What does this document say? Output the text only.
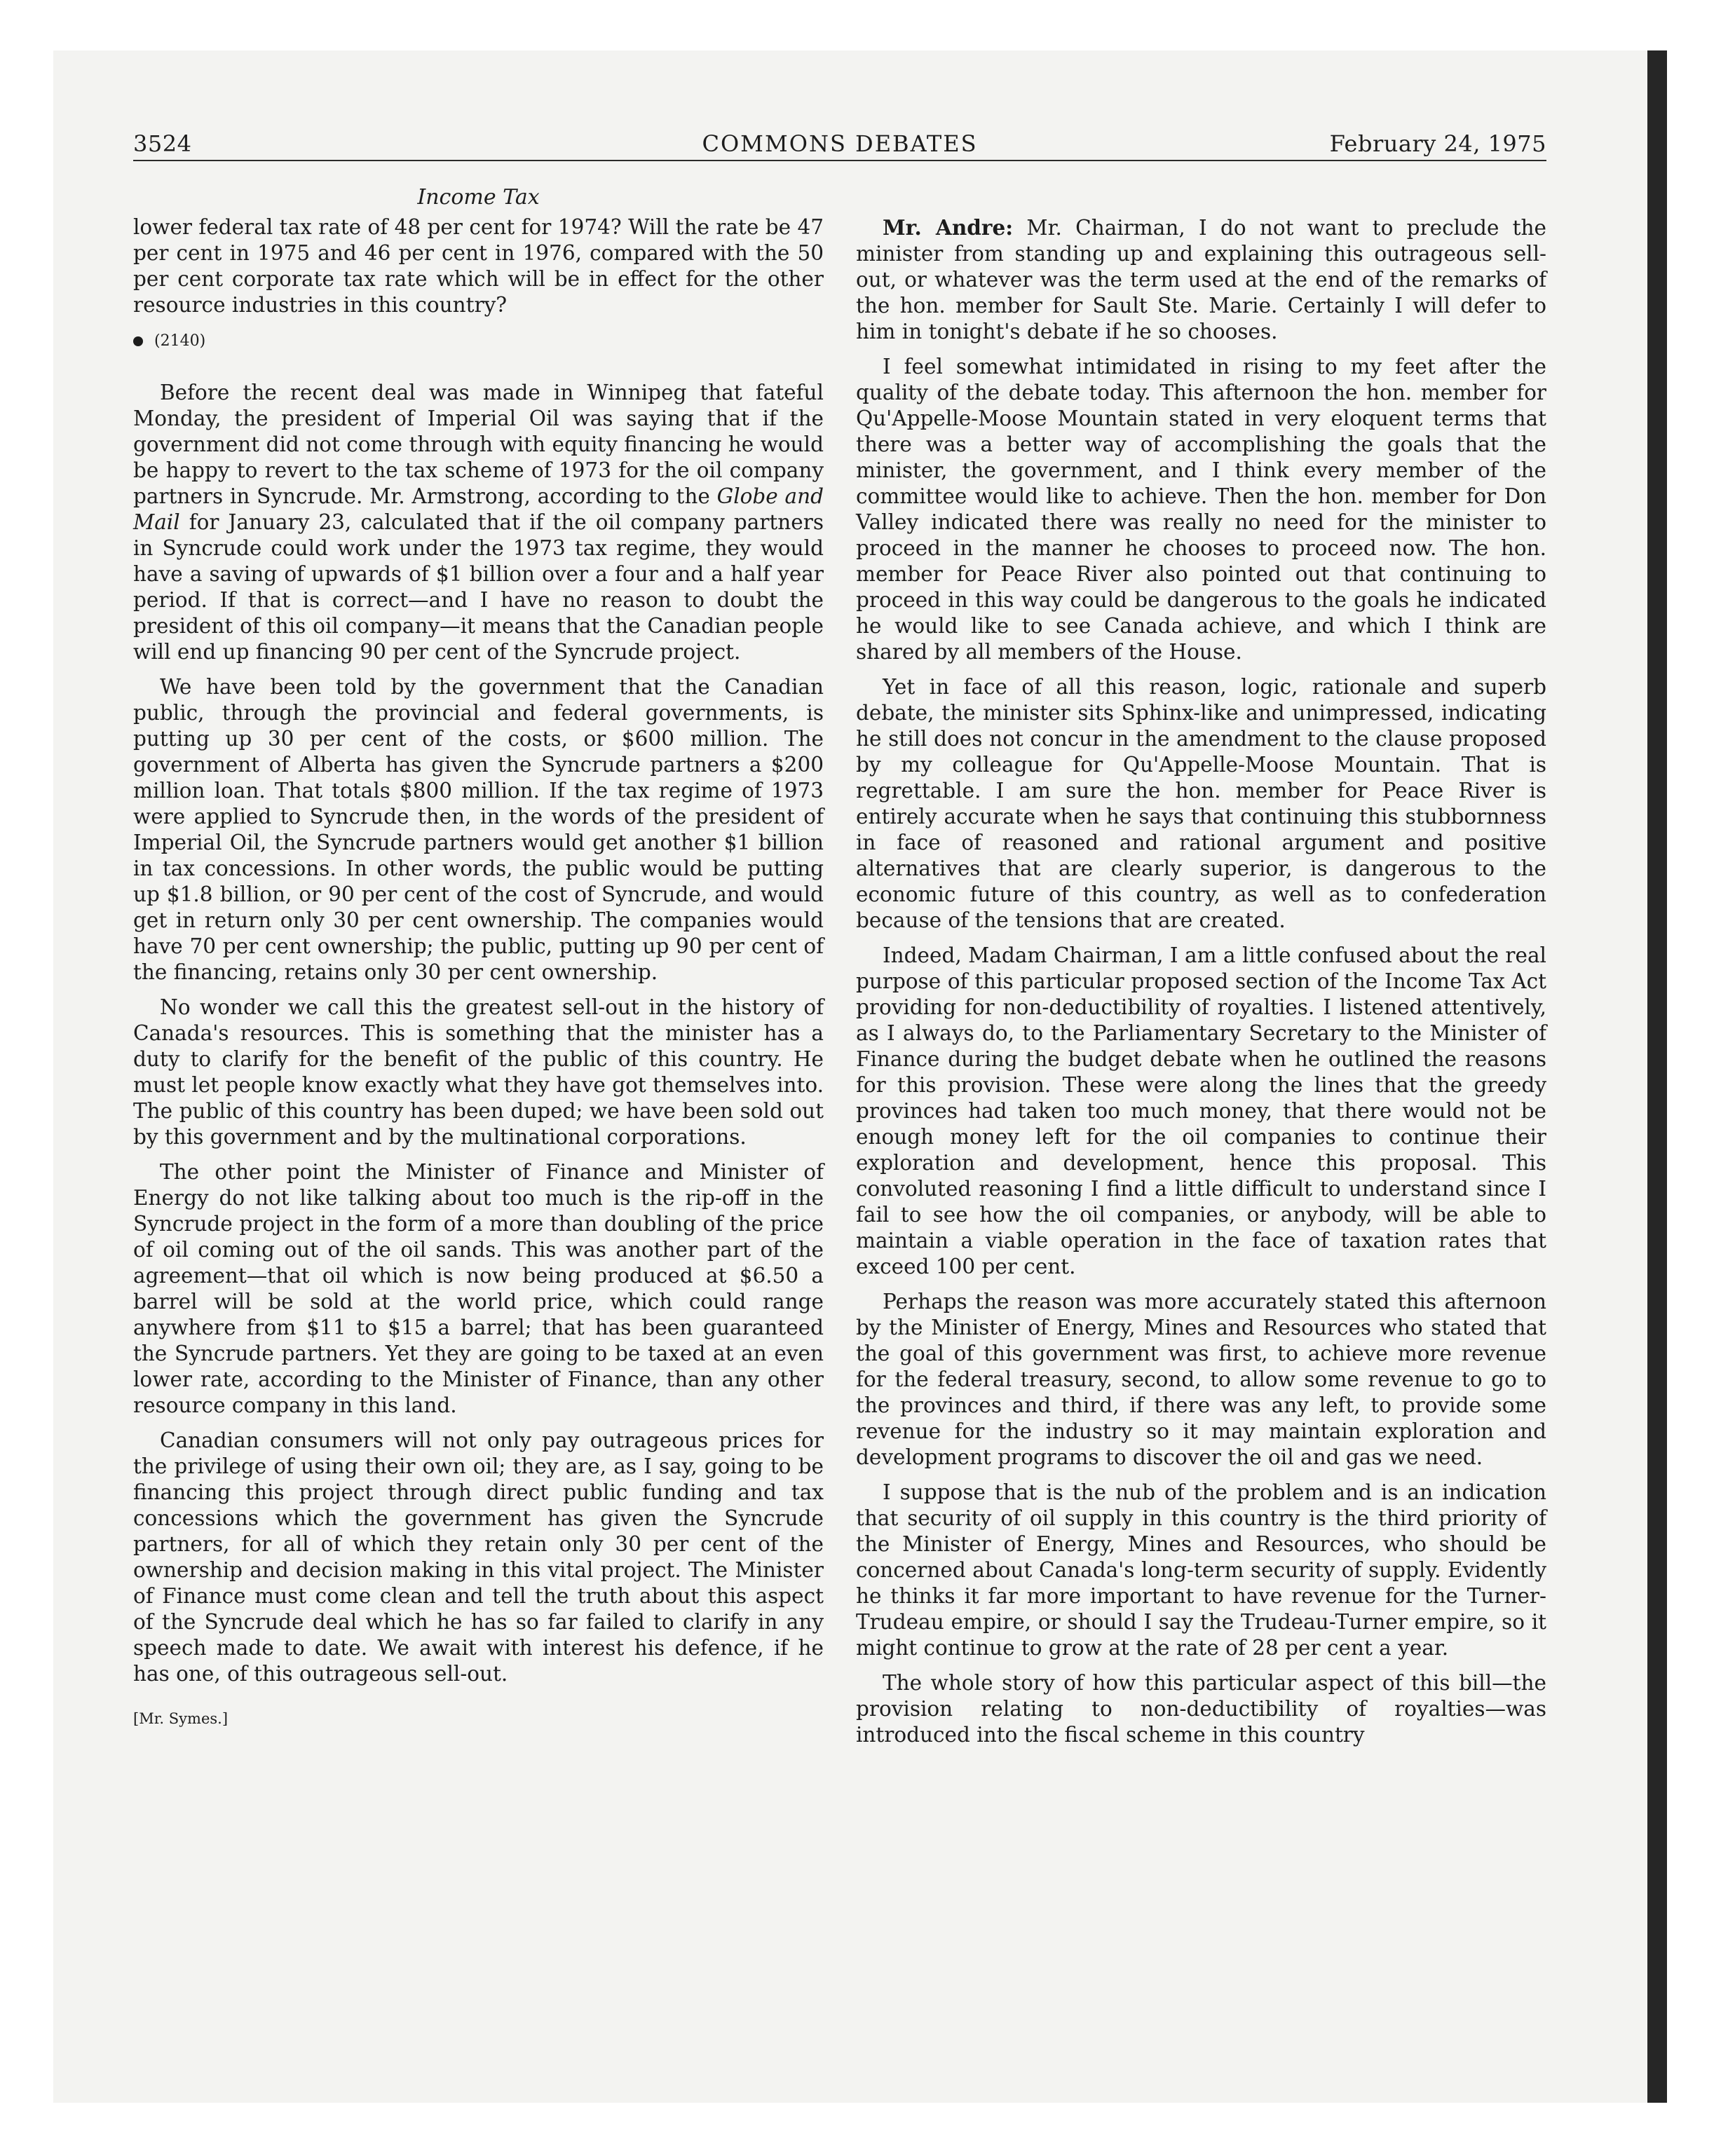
3524	COMMONS DEBATES	February 24, 1975
Income Tax

lower federal tax rate of 48 per cent for 1974? Will the rate be 47 per cent in 1975 and 46 per cent in 1976, compared with the 50 per cent corporate tax rate which will be in effect for the other resource industries in this country?

(2140)

Before the recent deal was made in Winnipeg that fateful Monday, the president of Imperial Oil was saying that if the government did not come through with equity financing he would be happy to revert to the tax scheme of 1973 for the oil company partners in Syncrude. Mr. Armstrong, according to the Globe and Mail for January 23, calculated that if the oil company partners in Syncrude could work under the 1973 tax regime, they would have a saving of upwards of $1 billion over a four and a half year period. If that is correct—and I have no reason to doubt the president of this oil company—it means that the Canadian people will end up financing 90 per cent of the Syncrude project.

We have been told by the government that the Canadian public, through the provincial and federal governments, is putting up 30 per cent of the costs, or $600 million. The government of Alberta has given the Syncrude partners a $200 million loan. That totals $800 million. If the tax regime of 1973 were applied to Syncrude then, in the words of the president of Imperial Oil, the Syncrude partners would get another $1 billion in tax concessions. In other words, the public would be putting up $1.8 billion, or 90 per cent of the cost of Syncrude, and would get in return only 30 per cent ownership. The companies would have 70 per cent ownership; the public, putting up 90 per cent of the financing, retains only 30 per cent ownership.

No wonder we call this the greatest sell-out in the history of Canada's resources. This is something that the minister has a duty to clarify for the benefit of the public of this country. He must let people know exactly what they have got themselves into. The public of this country has been duped; we have been sold out by this government and by the multinational corporations.

The other point the Minister of Finance and Minister of Energy do not like talking about too much is the rip-off in the Syncrude project in the form of a more than doubling of the price of oil coming out of the oil sands. This was another part of the agreement—that oil which is now being produced at $6.50 a barrel will be sold at the world price, which could range anywhere from $11 to $15 a barrel; that has been guaranteed the Syncrude partners. Yet they are going to be taxed at an even lower rate, according to the Minister of Finance, than any other resource company in this land.

Canadian consumers will not only pay outrageous prices for the privilege of using their own oil; they are, as I say, going to be financing this project through direct public funding and tax concessions which the government has given the Syncrude partners, for all of which they retain only 30 per cent of the ownership and decision making in this vital project. The Minister of Finance must come clean and tell the truth about this aspect of the Syncrude deal which he has so far failed to clarify in any speech made to date. We await with interest his defence, if he has one, of this outrageous sell-out.

[Mr. Symes.]

Mr. Andre: Mr. Chairman, I do not want to preclude the minister from standing up and explaining this outrageous sell-out, or whatever was the term used at the end of the remarks of the hon. member for Sault Ste. Marie. Certainly I will defer to him in tonight's debate if he so chooses.

I feel somewhat intimidated in rising to my feet after the quality of the debate today. This afternoon the hon. member for Qu'Appelle-Moose Mountain stated in very eloquent terms that there was a better way of accomplishing the goals that the minister, the government, and I think every member of the committee would like to achieve. Then the hon. member for Don Valley indicated there was really no need for the minister to proceed in the manner he chooses to proceed now. The hon. member for Peace River also pointed out that continuing to proceed in this way could be dangerous to the goals he indicated he would like to see Canada achieve, and which I think are shared by all members of the House.

Yet in face of all this reason, logic, rationale and superb debate, the minister sits Sphinx-like and unimpressed, indicating he still does not concur in the amendment to the clause proposed by my colleague for Qu'Appelle-Moose Mountain. That is regrettable. I am sure the hon. member for Peace River is entirely accurate when he says that continuing this stubbornness in face of reasoned and rational argument and positive alternatives that are clearly superior, is dangerous to the economic future of this country, as well as to confederation because of the tensions that are created.

Indeed, Madam Chairman, I am a little confused about the real purpose of this particular proposed section of the Income Tax Act providing for non-deductibility of royalties. I listened attentively, as I always do, to the Parliamentary Secretary to the Minister of Finance during the budget debate when he outlined the reasons for this provision. These were along the lines that the greedy provinces had taken too much money, that there would not be enough money left for the oil companies to continue their exploration and development, hence this proposal. This convoluted reasoning I find a little difficult to understand since I fail to see how the oil companies, or anybody, will be able to maintain a viable operation in the face of taxation rates that exceed 100 per cent.

Perhaps the reason was more accurately stated this afternoon by the Minister of Energy, Mines and Resources who stated that the goal of this government was first, to achieve more revenue for the federal treasury, second, to allow some revenue to go to the provinces and third, if there was any left, to provide some revenue for the industry so it may maintain exploration and development programs to discover the oil and gas we need.

I suppose that is the nub of the problem and is an indication that security of oil supply in this country is the third priority of the Minister of Energy, Mines and Resources, who should be concerned about Canada's long-term security of supply. Evidently he thinks it far more important to have revenue for the Turner-Trudeau empire, or should I say the Trudeau-Turner empire, so it might continue to grow at the rate of 28 per cent a year.

The whole story of how this particular aspect of this bill—the provision relating to non-deductibility of royalties—was introduced into the fiscal scheme in this country
